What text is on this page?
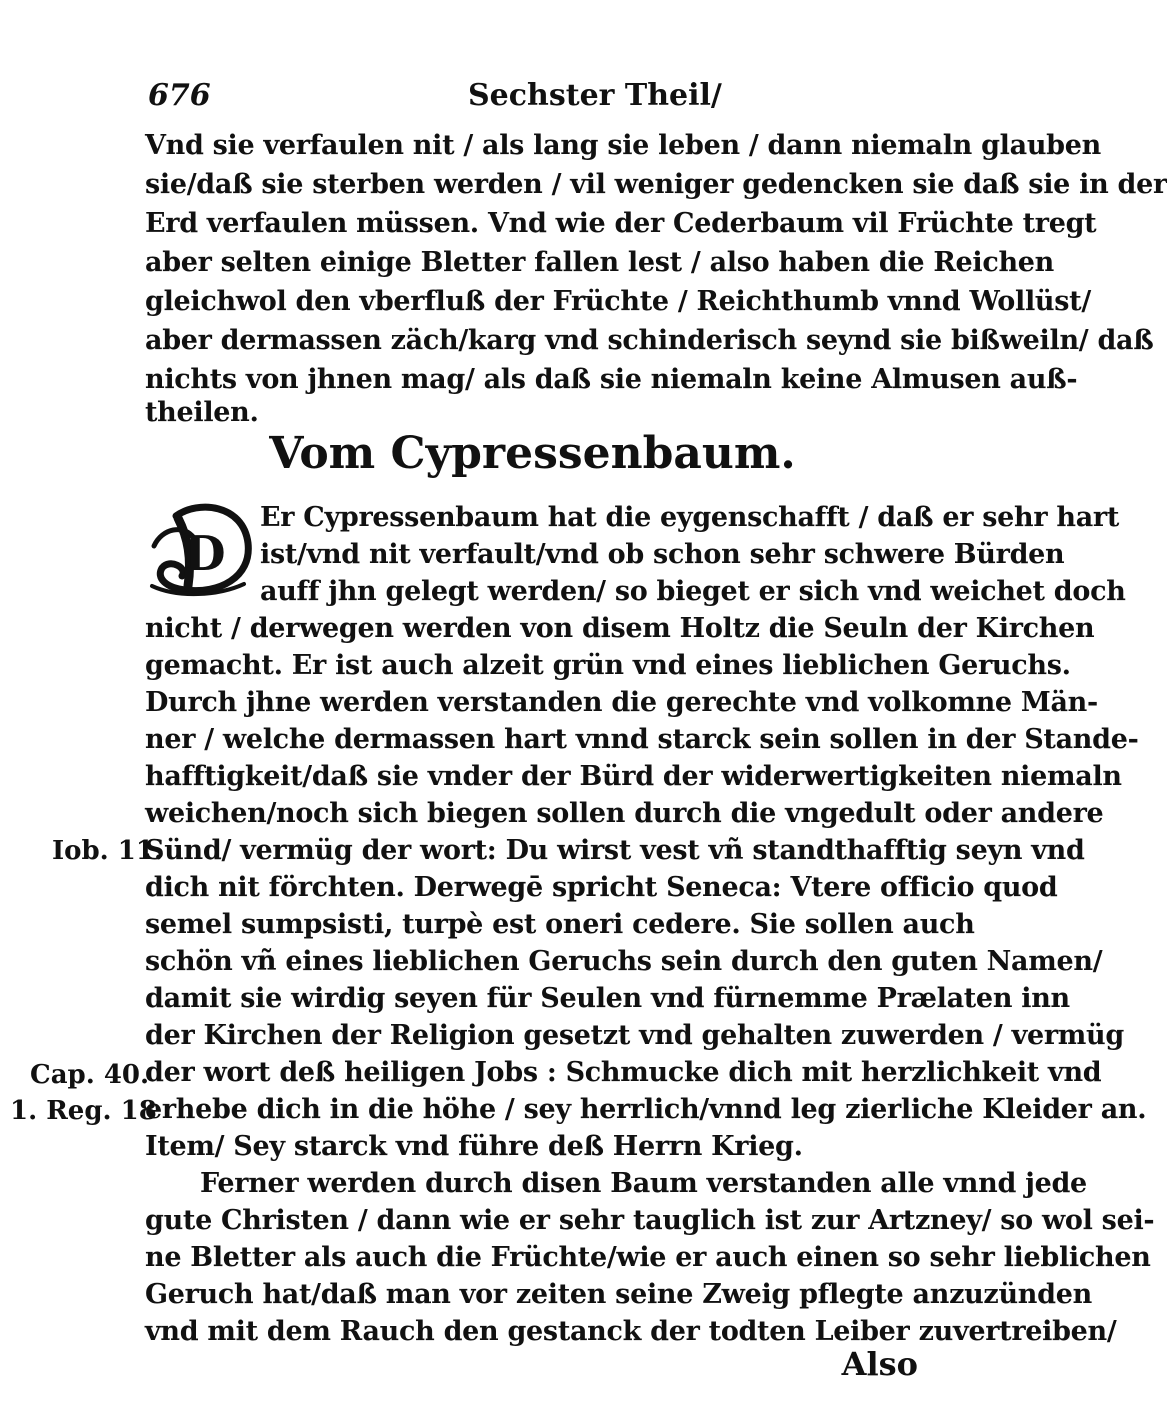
676	Sechster Theil/
Vnd sie verfaulen nit / als lang sie leben / dann niemaln glauben
sie/daß sie sterben werden / vil weniger gedencken sie daß sie in der
Erd verfaulen müssen. Vnd wie der Cederbaum vil Früchte tregt
aber selten einige Bletter fallen lest / also haben die Reichen
gleichwol den vberfluß der Früchte / Reichthumb vnnd Wollüst/
aber dermassen zäch/karg vnd schinderisch seynd sie bißweiln/ daß
nichts von jhnen mag/ als daß sie niemaln keine Almusen auß-
theilen.
Vom Cypressenbaum.
D
Er Cypressenbaum hat die eygenschafft / daß er sehr hart
ist/vnd nit verfault/vnd ob schon sehr schwere Bürden
auff jhn gelegt werden/ so bieget er sich vnd weichet doch
nicht / derwegen werden von disem Holtz die Seuln der Kirchen
gemacht. Er ist auch alzeit grün vnd eines lieblichen Geruchs.
Durch jhne werden verstanden die gerechte vnd volkomne Män-
ner / welche dermassen hart vnnd starck sein sollen in der Stande-
hafftigkeit/daß sie vnder der Bürd der widerwertigkeiten niemaln
weichen/noch sich biegen sollen durch die vngedult oder andere
Sünd/ vermüg der wort: Du wirst vest vñ standthafftig seyn vnd
dich nit förchten. Derwegē spricht Seneca: Vtere officio quod
semel sumpsisti, turpè est oneri cedere. Sie sollen auch
schön vñ eines lieblichen Geruchs sein durch den guten Namen/
damit sie wirdig seyen für Seulen vnd fürnemme Prælaten inn
der Kirchen der Religion gesetzt vnd gehalten zuwerden / vermüg
der wort deß heiligen Jobs : Schmucke dich mit herzlichkeit vnd
erhebe dich in die höhe / sey herrlich/vnnd leg zierliche Kleider an.
Item/ Sey starck vnd führe deß Herrn Krieg.
Ferner werden durch disen Baum verstanden alle vnnd jede
gute Christen / dann wie er sehr tauglich ist zur Artzney/ so wol sei-
ne Bletter als auch die Früchte/wie er auch einen so sehr lieblichen
Geruch hat/daß man vor zeiten seine Zweig pflegte anzuzünden
vnd mit dem Rauch den gestanck der todten Leiber zuvertreiben/
Iob. 11.
Cap. 40.
1. Reg. 18
Also
